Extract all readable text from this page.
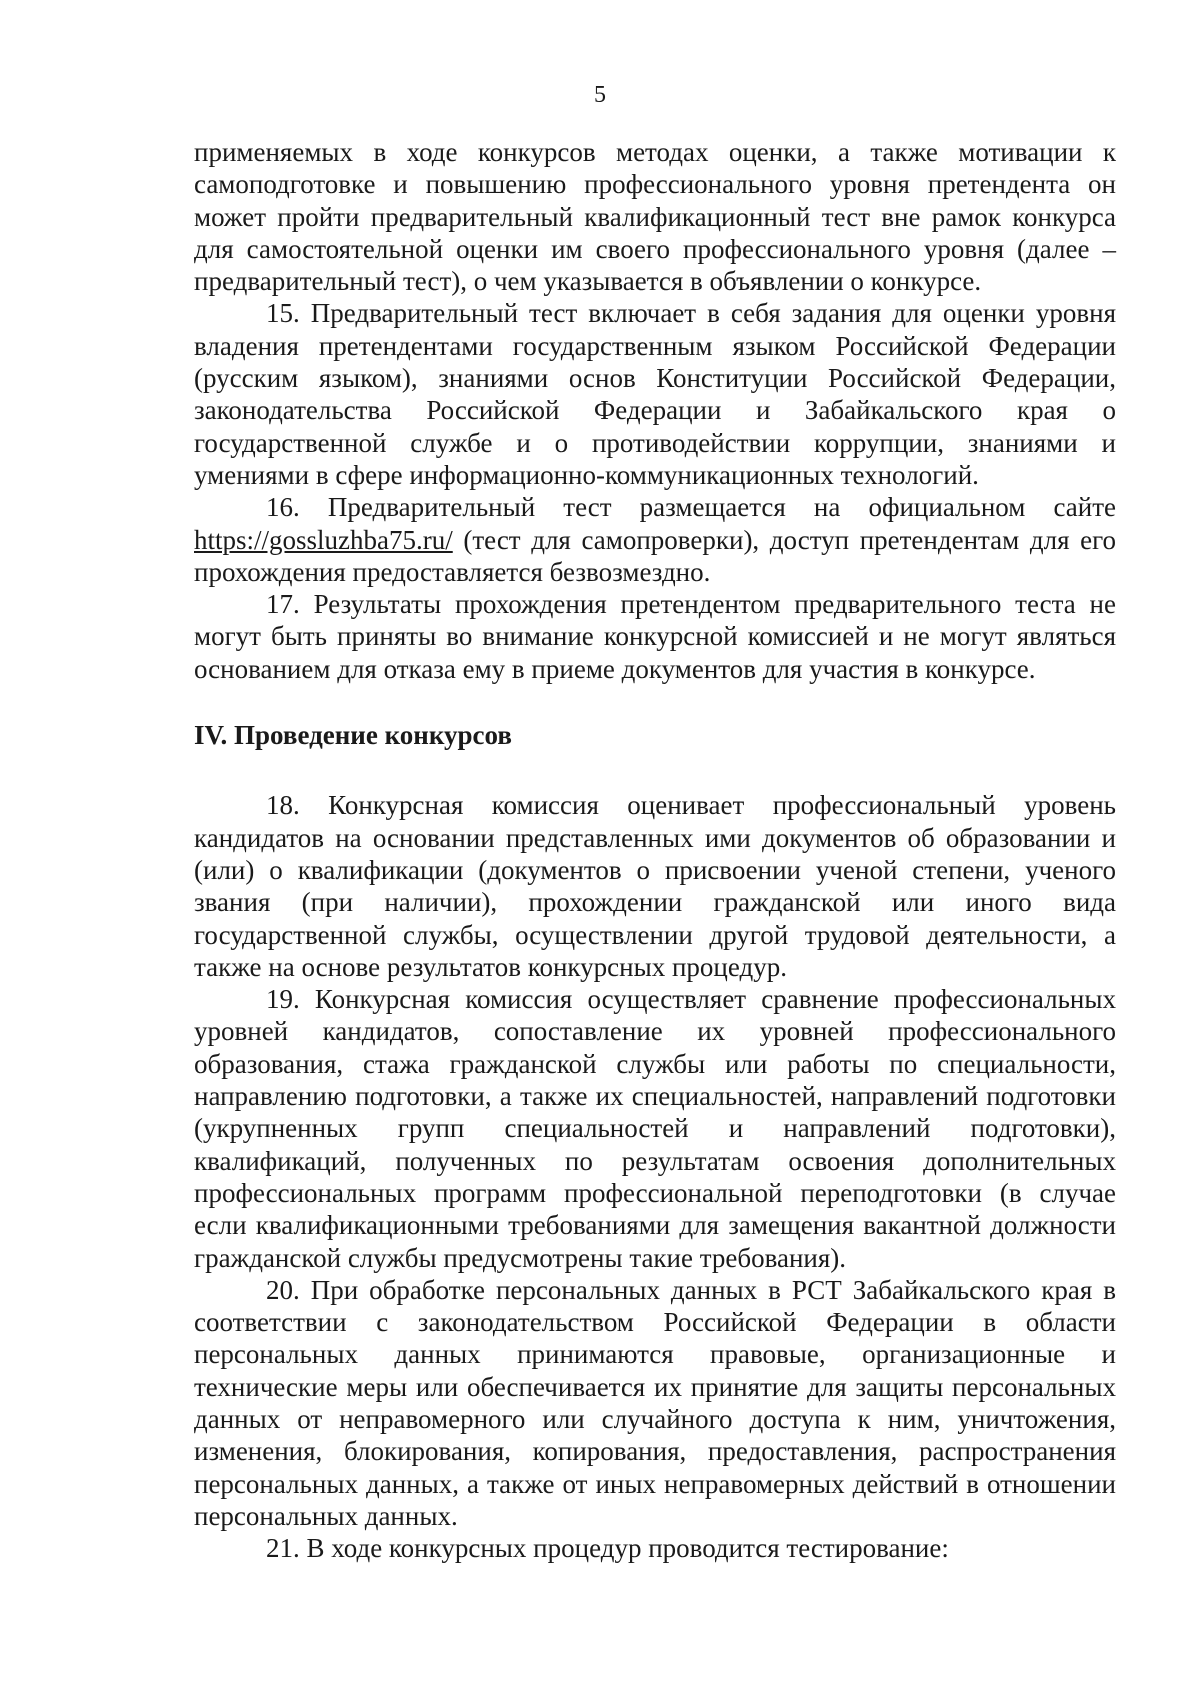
5

применяемых в ходе конкурсов методах оценки, а также мотивации к самоподготовке и повышению профессионального уровня претендента он может пройти предварительный квалификационный тест вне рамок конкурса для самостоятельной оценки им своего профессионального уровня (далее – предварительный тест), о чем указывается в объявлении о конкурсе.

15. Предварительный тест включает в себя задания для оценки уровня владения претендентами государственным языком Российской Федерации (русским языком), знаниями основ Конституции Российской Федерации, законодательства Российской Федерации и Забайкальского края о государственной службе и о противодействии коррупции, знаниями и умениями в сфере информационно-коммуникационных технологий.

16. Предварительный тест размещается на официальном сайте https://gossluzhba75.ru/ (тест для самопроверки), доступ претендентам для его прохождения предоставляется безвозмездно.

17. Результаты прохождения претендентом предварительного теста не могут быть приняты во внимание конкурсной комиссией и не могут являться основанием для отказа ему в приеме документов для участия в конкурсе.

IV. Проведение конкурсов

18. Конкурсная комиссия оценивает профессиональный уровень кандидатов на основании представленных ими документов об образовании и (или) о квалификации (документов о присвоении ученой степени, ученого звания (при наличии), прохождении гражданской или иного вида государственной службы, осуществлении другой трудовой деятельности, а также на основе результатов конкурсных процедур.

19. Конкурсная комиссия осуществляет сравнение профессиональных уровней кандидатов, сопоставление их уровней профессионального образования, стажа гражданской службы или работы по специальности, направлению подготовки, а также их специальностей, направлений подготовки (укрупненных групп специальностей и направлений подготовки), квалификаций, полученных по результатам освоения дополнительных профессиональных программ профессиональной переподготовки (в случае если квалификационными требованиями для замещения вакантной должности гражданской службы предусмотрены такие требования).

20. При обработке персональных данных в РСТ Забайкальского края в соответствии с законодательством Российской Федерации в области персональных данных принимаются правовые, организационные и технические меры или обеспечивается их принятие для защиты персональных данных от неправомерного или случайного доступа к ним, уничтожения, изменения, блокирования, копирования, предоставления, распространения персональных данных, а также от иных неправомерных действий в отношении персональных данных.

21. В ходе конкурсных процедур проводится тестирование:
